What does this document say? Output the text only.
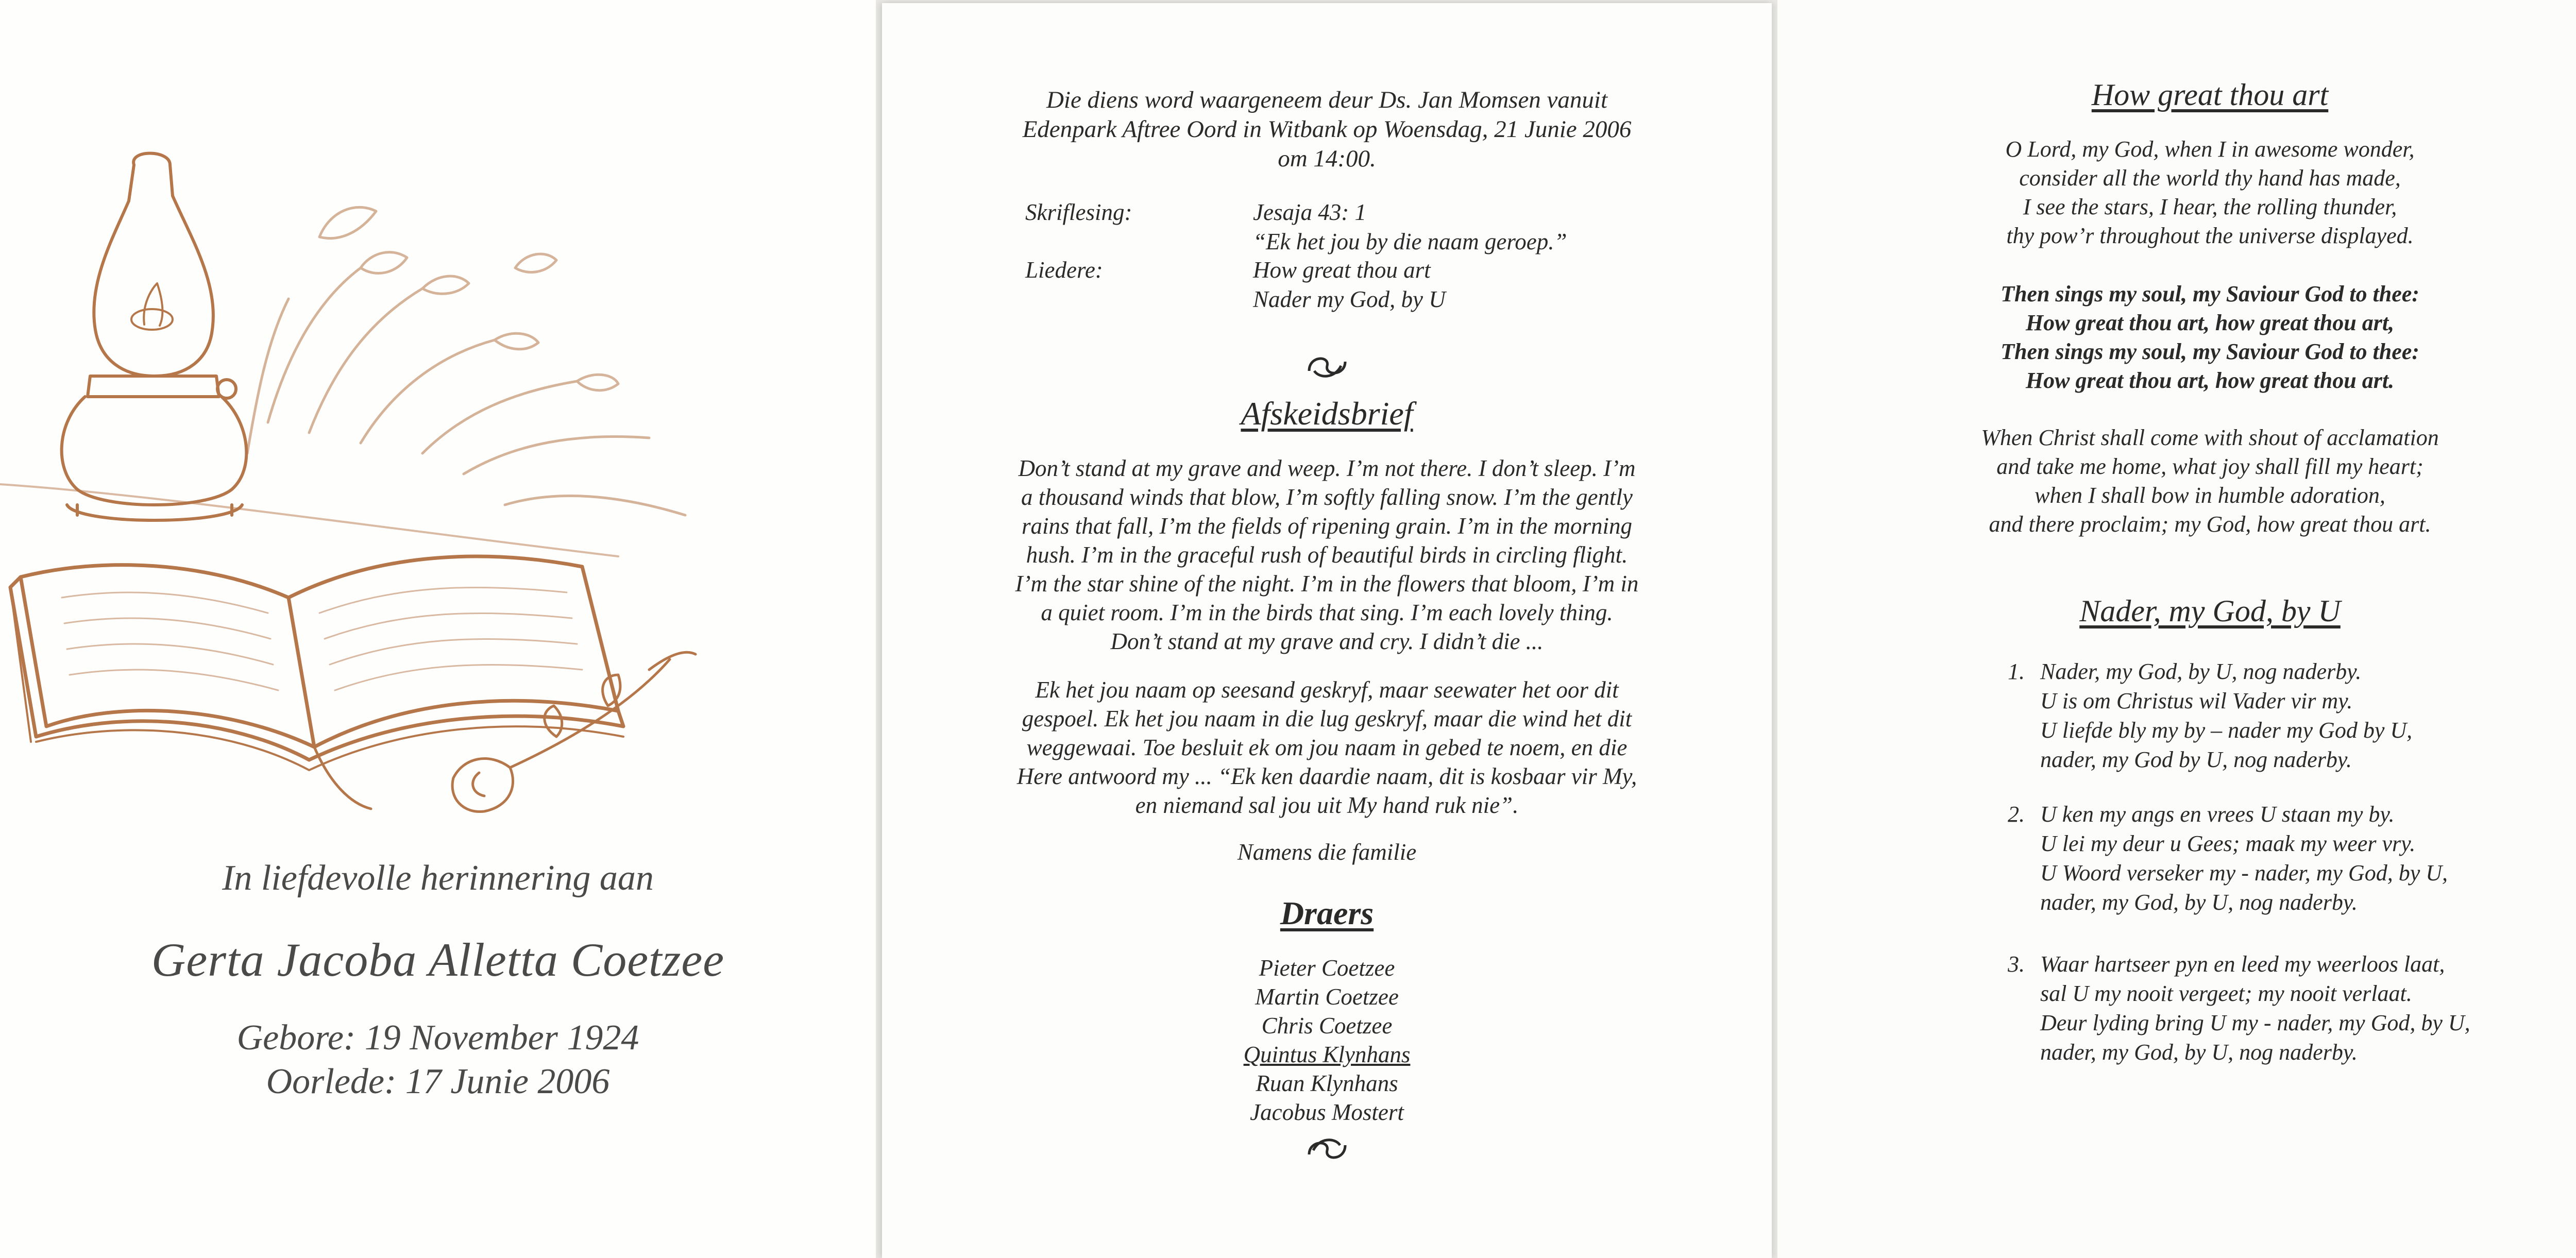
In liefdevolle herinnering aan
Gerta Jacoba Alletta Coetzee
Gebore: 19 November 1924
Oorlede: 17 Junie 2006
Die diens word waargeneem deur Ds. Jan Momsen vanuit
Edenpark Aftree Oord in Witbank op Woensdag, 21 Junie 2006
om 14:00.
Skriflesing:	Jesaja 43: 1
“Ek het jou by die naam geroep.”
Liedere:	How great thou art
Nader my God, by U
Afskeidsbrief
Don’t stand at my grave and weep. I’m not there. I don’t sleep. I’m
a thousand winds that blow, I’m softly falling snow. I’m the gently
rains that fall, I’m the fields of ripening grain. I’m in the morning
hush. I’m in the graceful rush of beautiful birds in circling flight.
I’m the star shine of the night. I’m in the flowers that bloom, I’m in
a quiet room. I’m in the birds that sing. I’m each lovely thing.
Don’t stand at my grave and cry. I didn’t die ...
Ek het jou naam op seesand geskryf, maar seewater het oor dit
gespoel. Ek het jou naam in die lug geskryf, maar die wind het dit
weggewaai. Toe besluit ek om jou naam in gebed te noem, en die
Here antwoord my ... “Ek ken daardie naam, dit is kosbaar vir My,
en niemand sal jou uit My hand ruk nie”.
Namens die familie
Draers
Pieter Coetzee
Martin Coetzee
Chris Coetzee
Quintus Klynhans
Ruan Klynhans
Jacobus Mostert
How great thou art
O Lord, my God, when I in awesome wonder,
consider all the world thy hand has made,
I see the stars, I hear, the rolling thunder,
thy pow’r throughout the universe displayed.
Then sings my soul, my Saviour God to thee:
How great thou art, how great thou art,
Then sings my soul, my Saviour God to thee:
How great thou art, how great thou art.
When Christ shall come with shout of acclamation
and take me home, what joy shall fill my heart;
when I shall bow in humble adoration,
and there proclaim; my God, how great thou art.
Nader, my God, by U
1. Nader, my God, by U, nog naderby.
U is om Christus wil Vader vir my.
U liefde bly my by – nader my God by U,
nader, my God by U, nog naderby.
2. U ken my angs en vrees U staan my by.
U lei my deur u Gees; maak my weer vry.
U Woord verseker my - nader, my God, by U,
nader, my God, by U, nog naderby.
3. Waar hartseer pyn en leed my weerloos laat,
sal U my nooit vergeet; my nooit verlaat.
Deur lyding bring U my - nader, my God, by U,
nader, my God, by U, nog naderby.
